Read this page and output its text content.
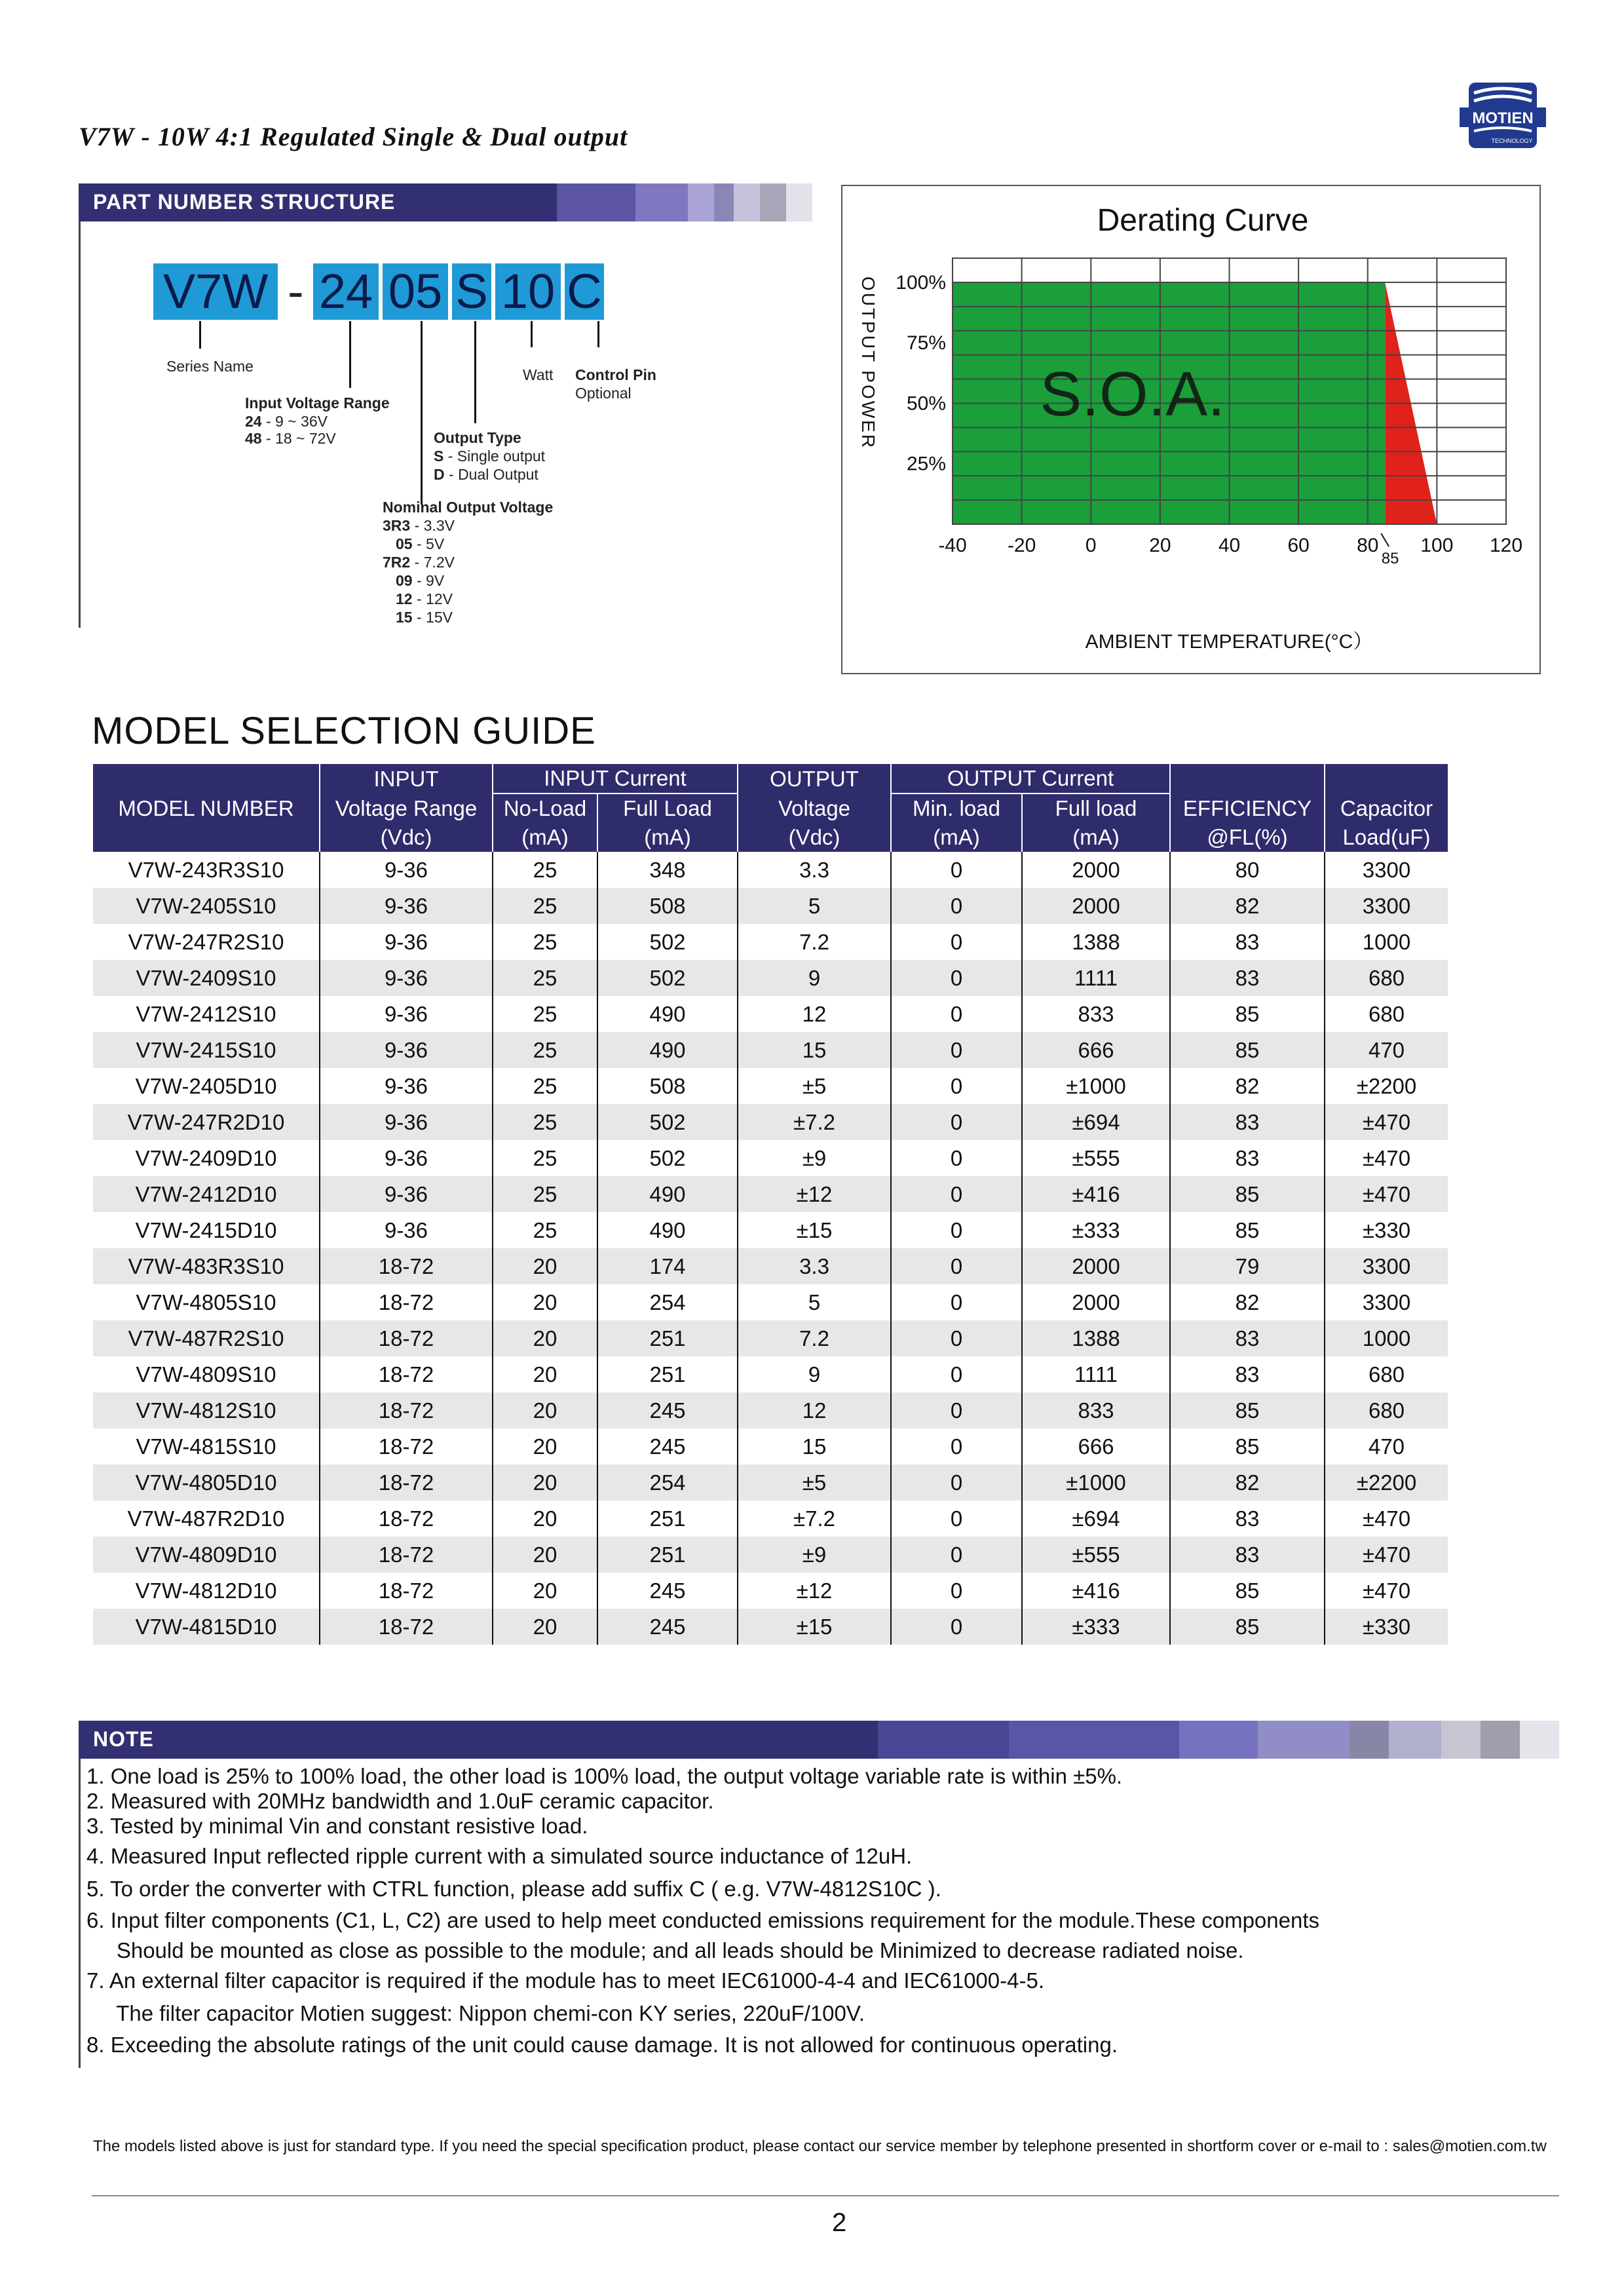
V7W - 10W 4:1 Regulated Single & Dual output
MOTIEN
TECHNOLOGY
PART NUMBER STRUCTURE
V7W - 24 05 S 10 C
Series Name	Watt Control Pin
Optional
Input Voltage Range
24 - 9 ~ 36V
48 - 18 ~ 72V	Output Type
S - Single output
D - Dual Output
Nominal Output Voltage
3R3 - 3.3V
05 - 5V
7R2 - 7.2V
09 - 9V
12 - 12V
15 - 15V
Derating Curve
-40 -20	0	20 40 60 80 100 120
85
25%
50%
75%
100%
S.O.A.
AMBIENT TEMPERATURE(°C）
OUTPUT POWER
MODEL SELECTION GUIDE
	INPUT	INPUT Current		OUTPUT	OUTPUT Current			
MODEL NUMBER	Voltage Range	No-Load	Full Load	Voltage	Min. load	Full load	EFFICIENCY	Capacitor
	(Vdc)	(mA)	(mA)	(Vdc)	(mA)	(mA)	@FL(%)	Load(uF)
V7W-243R3S10	9-36	25	348	3.3	0	2000	80	3300
V7W-2405S10	9-36	25	508	5	0	2000	82	3300
V7W-247R2S10	9-36	25	502	7.2	0	1388	83	1000
V7W-2409S10	9-36	25	502	9	0	1111	83	680
V7W-2412S10	9-36	25	490	12	0	833	85	680
V7W-2415S10	9-36	25	490	15	0	666	85	470
V7W-2405D10	9-36	25	508	±5	0	±1000	82	±2200
V7W-247R2D10	9-36	25	502	±7.2	0	±694	83	±470
V7W-2409D10	9-36	25	502	±9	0	±555	83	±470
V7W-2412D10	9-36	25	490	±12	0	±416	85	±470
V7W-2415D10	9-36	25	490	±15	0	±333	85	±330
V7W-483R3S10	18-72	20	174	3.3	0	2000	79	3300
V7W-4805S10	18-72	20	254	5	0	2000	82	3300
V7W-487R2S10	18-72	20	251	7.2	0	1388	83	1000
V7W-4809S10	18-72	20	251	9	0	1111	83	680
V7W-4812S10	18-72	20	245	12	0	833	85	680
V7W-4815S10	18-72	20	245	15	0	666	85	470
V7W-4805D10	18-72	20	254	±5	0	±1000	82	±2200
V7W-487R2D10	18-72	20	251	±7.2	0	±694	83	±470
V7W-4809D10	18-72	20	251	±9	0	±555	83	±470
V7W-4812D10	18-72	20	245	±12	0	±416	85	±470
V7W-4815D10	18-72	20	245	±15	0	±333	85	±330
NOTE
1. One load is 25% to 100% load, the other load is 100% load, the output voltage variable rate is within ±5%.
2. Measured with 20MHz bandwidth and 1.0uF ceramic capacitor.
3. Tested by minimal Vin and constant resistive load.
4. Measured Input reflected ripple current with a simulated source inductance of 12uH.
5. To order the converter with CTRL function, please add suffix C ( e.g. V7W-4812S10C ).
6. Input filter components (C1, L, C2) are used to help meet conducted emissions requirement for the module.These components
Should be mounted as close as possible to the module; and all leads should be Minimized to decrease radiated noise.
7. An external filter capacitor is required if the module has to meet IEC61000-4-4 and IEC61000-4-5.
The filter capacitor Motien suggest: Nippon chemi-con KY series, 220uF/100V.
8. Exceeding the absolute ratings of the unit could cause damage. It is not allowed for continuous operating.
The models listed above is just for standard type. If you need the special specification product, please contact our service member by telephone presented in shortform cover or e-mail to : sales@motien.com.tw
2
